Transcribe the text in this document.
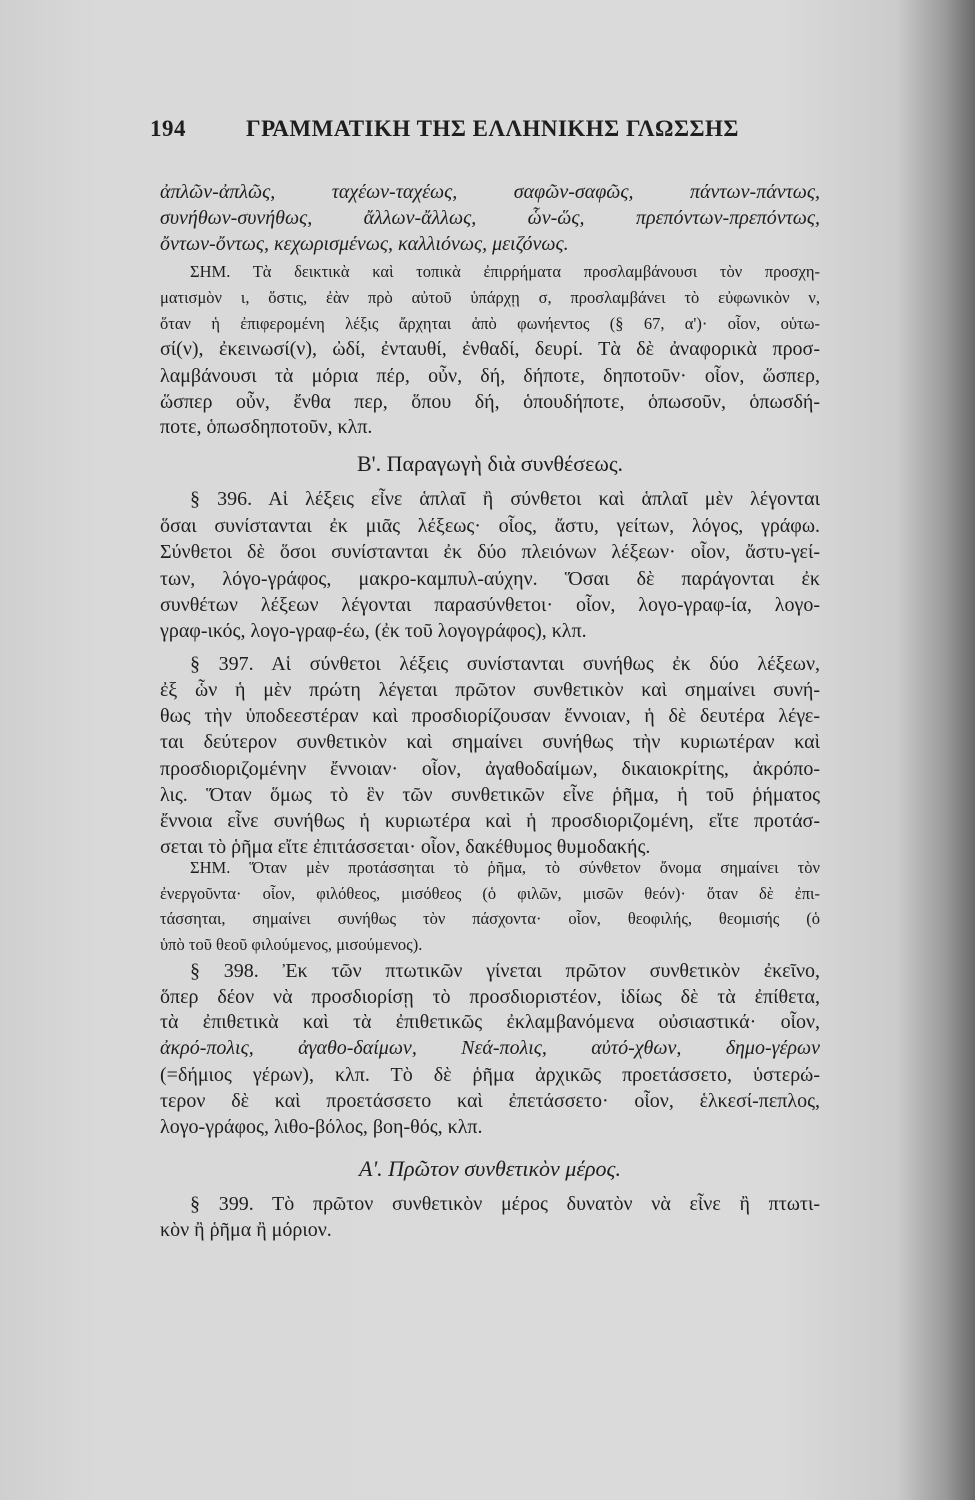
194	ΓΡΑΜΜΑΤΙΚΗ ΤΗΣ ΕΛΛΗΝΙΚΗΣ ΓΛΩΣΣΗΣ
ἀπλῶν-ἀπλῶς, ταχέων-ταχέως, σαφῶν-σαφῶς, πάντων-πάντως,
συνήθων-συνήθως, ἄλλων-ἄλλως, ὧν-ὥς, πρεπόντων-πρεπόντως,
ὄντων-ὄντως, κεχωρισμένως, καλλιόνως, μειζόνως.
ΣΗΜ. Τὰ δεικτικὰ καὶ τοπικὰ ἐπιρρήματα προσλαμβάνουσι τὸν προσχη-
ματισμὸν ι, ὅστις, ἐὰν πρὸ αὐτοῦ ὑπάρχῃ σ, προσλαμβάνει τὸ εὐφωνικὸν ν,
ὅταν ἡ ἐπιφερομένη λέξις ἄρχηται ἀπὸ φωνήεντος (§ 67, α')· οἷον, οὑτω-
σί(ν), ἐκεινωσί(ν), ὠδί, ἐνταυθί, ἐνθαδί, δευρί. Τὰ δὲ ἀναφορικὰ προσ-
λαμβάνουσι τὰ μόρια πέρ, οὖν, δή, δήποτε, δηποτοῦν· οἷον, ὥσπερ,
ὥσπερ οὖν, ἔνθα περ, ὅπου δή, ὁπουδήποτε, ὁπωσοῦν, ὁπωσδή-
ποτε, ὁπωσδηποτοῦν, κλπ.
Β'. Παραγωγὴ διὰ συνθέσεως.
§ 396. Αἱ λέξεις εἶνε ἁπλαῖ ἢ σύνθετοι καὶ ἁπλαῖ μὲν λέγονται
ὅσαι συνίστανται ἐκ μιᾶς λέξεως· οἷος, ἄστυ, γείτων, λόγος, γράφω.
Σύνθετοι δὲ ὅσοι συνίστανται ἐκ δύο πλειόνων λέξεων· οἷον, ἄστυ-γεί-
των, λόγο-γράφος, μακρο-καμπυλ-αύχην. Ὅσαι δὲ παράγονται ἐκ
συνθέτων λέξεων λέγονται παρασύνθετοι· οἷον, λογο-γραφ-ία, λογο-
γραφ-ικός, λογο-γραφ-έω, (ἐκ τοῦ λογογράφος), κλπ.
§ 397. Αἱ σύνθετοι λέξεις συνίστανται συνήθως ἐκ δύο λέξεων,
ἐξ ὧν ἡ μὲν πρώτη λέγεται πρῶτον συνθετικὸν καὶ σημαίνει συνή-
θως τὴν ὑποδεεστέραν καὶ προσδιορίζουσαν ἔννοιαν, ἡ δὲ δευτέρα λέγε-
ται δεύτερον συνθετικὸν καὶ σημαίνει συνήθως τὴν κυριωτέραν καὶ
προσδιοριζομένην ἔννοιαν· οἷον, ἀγαθοδαίμων, δικαιοκρίτης, ἀκρόπο-
λις. Ὅταν ὅμως τὸ ἓν τῶν συνθετικῶν εἶνε ῥῆμα, ἡ τοῦ ῥήματος
ἔννοια εἶνε συνήθως ἡ κυριωτέρα καὶ ἡ προσδιοριζομένη, εἴτε προτάσ-
σεται τὸ ῥῆμα εἴτε ἐπιτάσσεται· οἷον, δακέθυμος θυμοδακής.
ΣΗΜ. Ὅταν μὲν προτάσσηται τὸ ῥῆμα, τὸ σύνθετον ὄνομα σημαίνει τὸν
ἐνεργοῦντα· οἷον, φιλόθεος, μισόθεος (ὁ φιλῶν, μισῶν θεόν)· ὅταν δὲ ἐπι-
τάσσηται, σημαίνει συνήθως τὸν πάσχοντα· οἷον, θεοφιλής, θεομισής (ὁ
ὑπὸ τοῦ θεοῦ φιλούμενος, μισούμενος).
§ 398. Ἐκ τῶν πτωτικῶν γίνεται πρῶτον συνθετικὸν ἐκεῖνο,
ὅπερ δέον νὰ προσδιορίσῃ τὸ προσδιοριστέον, ἰδίως δὲ τὰ ἐπίθετα,
τὰ ἐπιθετικὰ καὶ τὰ ἐπιθετικῶς ἐκλαμβανόμενα οὐσιαστικά· οἷον,
ἀκρό-πολις, ἀγαθο-δαίμων, Νεά-πολις, αὐτό-χθων, δημο-γέρων
(=δήμιος γέρων), κλπ. Τὸ δὲ ῥῆμα ἀρχικῶς προετάσσετο, ὑστερώ-
τερον δὲ καὶ προετάσσετο καὶ ἐπετάσσετο· οἷον, ἑλκεσί-πεπλος,
λογο-γράφος, λιθο-βόλος, βοη-θός, κλπ.
Α'. Πρῶτον συνθετικὸν μέρος.
§ 399. Τὸ πρῶτον συνθετικὸν μέρος δυνατὸν νὰ εἶνε ἢ πτωτι-
κὸν ἢ ῥῆμα ἢ μόριον.
